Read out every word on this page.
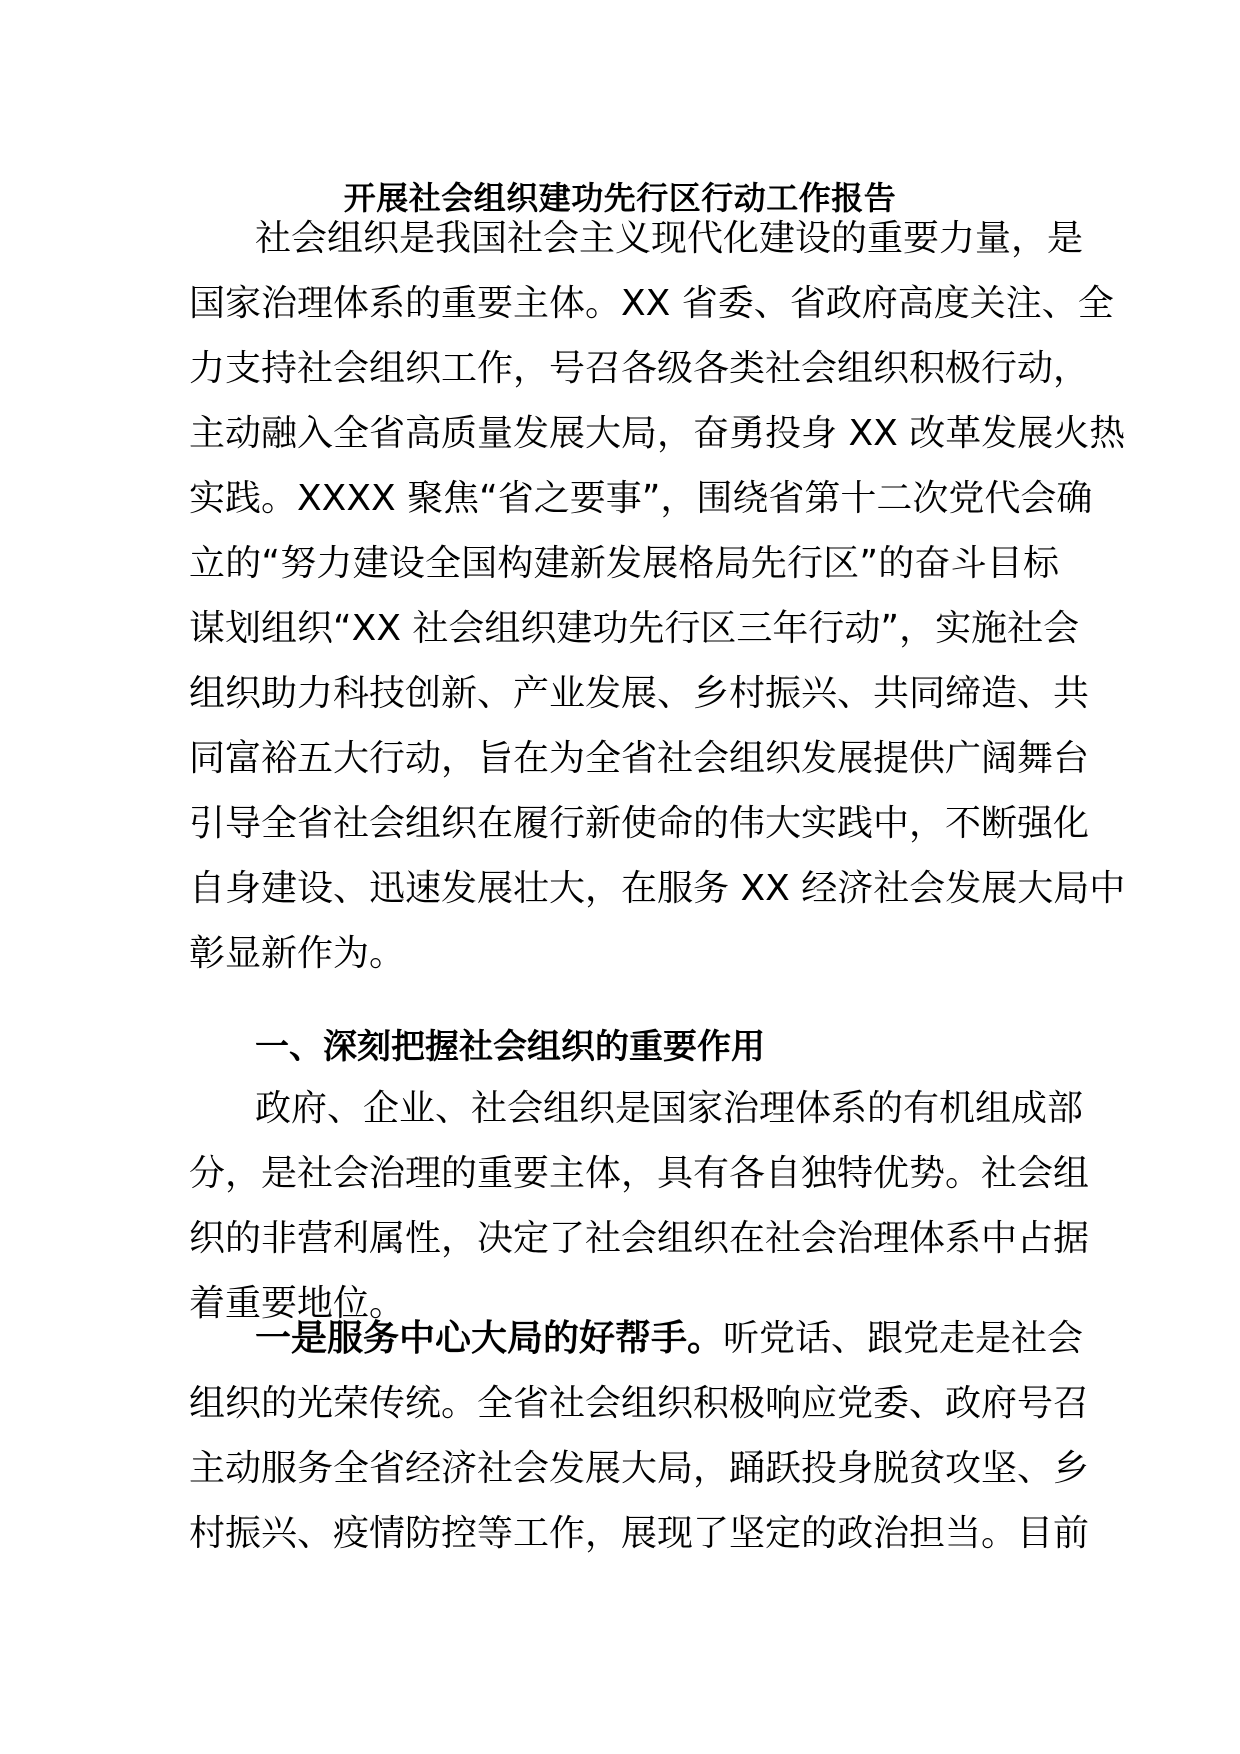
开展社会组织建功先行区行动工作报告
社会组织是我国社会主义现代化建设的重要力量，是
国家治理体系的重要主体。XX 省委、省政府高度关注、全
力支持社会组织工作，号召各级各类社会组织积极行动，
主动融入全省高质量发展大局，奋勇投身 XX 改革发展火热
实践。XXXX 聚焦“省之要事”，围绕省第十二次党代会确
立的“努力建设全国构建新发展格局先行区”的奋斗目标
谋划组织“XX 社会组织建功先行区三年行动”，实施社会
组织助力科技创新、产业发展、乡村振兴、共同缔造、共
同富裕五大行动，旨在为全省社会组织发展提供广阔舞台
引导全省社会组织在履行新使命的伟大实践中，不断强化
自身建设、迅速发展壮大，在服务 XX 经济社会发展大局中
彰显新作为。
一、深刻把握社会组织的重要作用
政府、企业、社会组织是国家治理体系的有机组成部
分，是社会治理的重要主体，具有各自独特优势。社会组
织的非营利属性，决定了社会组织在社会治理体系中占据
着重要地位。
一是服务中心大局的好帮手。听党话、跟党走是社会
组织的光荣传统。全省社会组织积极响应党委、政府号召
主动服务全省经济社会发展大局，踊跃投身脱贫攻坚、乡
村振兴、疫情防控等工作，展现了坚定的政治担当。目前
